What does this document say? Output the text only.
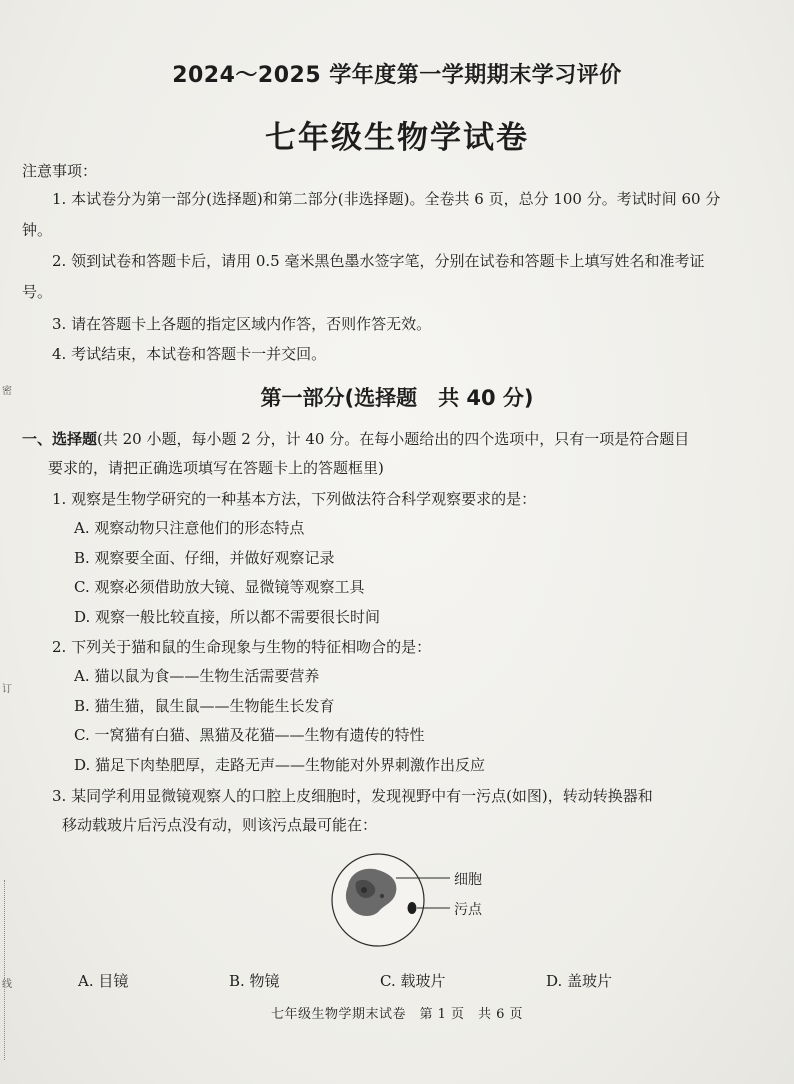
2024～2025 学年度第一学期期末学习评价
七年级生物学试卷
注意事项：
1. 本试卷分为第一部分(选择题)和第二部分(非选择题)。全卷共 6 页，总分 100 分。考试时间 60 分钟。
2. 领到试卷和答题卡后，请用 0.5 毫米黑色墨水签字笔，分别在试卷和答题卡上填写姓名和准考证号。
3. 请在答题卡上各题的指定区域内作答，否则作答无效。
4. 考试结束，本试卷和答题卡一并交回。
第一部分(选择题　共 40 分)
一、选择题(共 20 小题，每小题 2 分，计 40 分。在每小题给出的四个选项中，只有一项是符合题目
要求的，请把正确选项填写在答题卡上的答题框里)
1. 观察是生物学研究的一种基本方法，下列做法符合科学观察要求的是：
A. 观察动物只注意他们的形态特点
B. 观察要全面、仔细，并做好观察记录
C. 观察必须借助放大镜、显微镜等观察工具
D. 观察一般比较直接，所以都不需要很长时间
2. 下列关于猫和鼠的生命现象与生物的特征相吻合的是：
A. 猫以鼠为食——生物生活需要营养
B. 猫生猫，鼠生鼠——生物能生长发育
C. 一窝猫有白猫、黑猫及花猫——生物有遗传的特性
D. 猫足下肉垫肥厚，走路无声——生物能对外界刺激作出反应
3. 某同学利用显微镜观察人的口腔上皮细胞时，发现视野中有一污点(如图)，转动转换器和
移动载玻片后污点没有动，则该污点最可能在：
细胞
污点
A. 目镜	B. 物镜	C. 载玻片	D. 盖玻片
七年级生物学期末试卷　第 1 页　共 6 页
密
订
线
